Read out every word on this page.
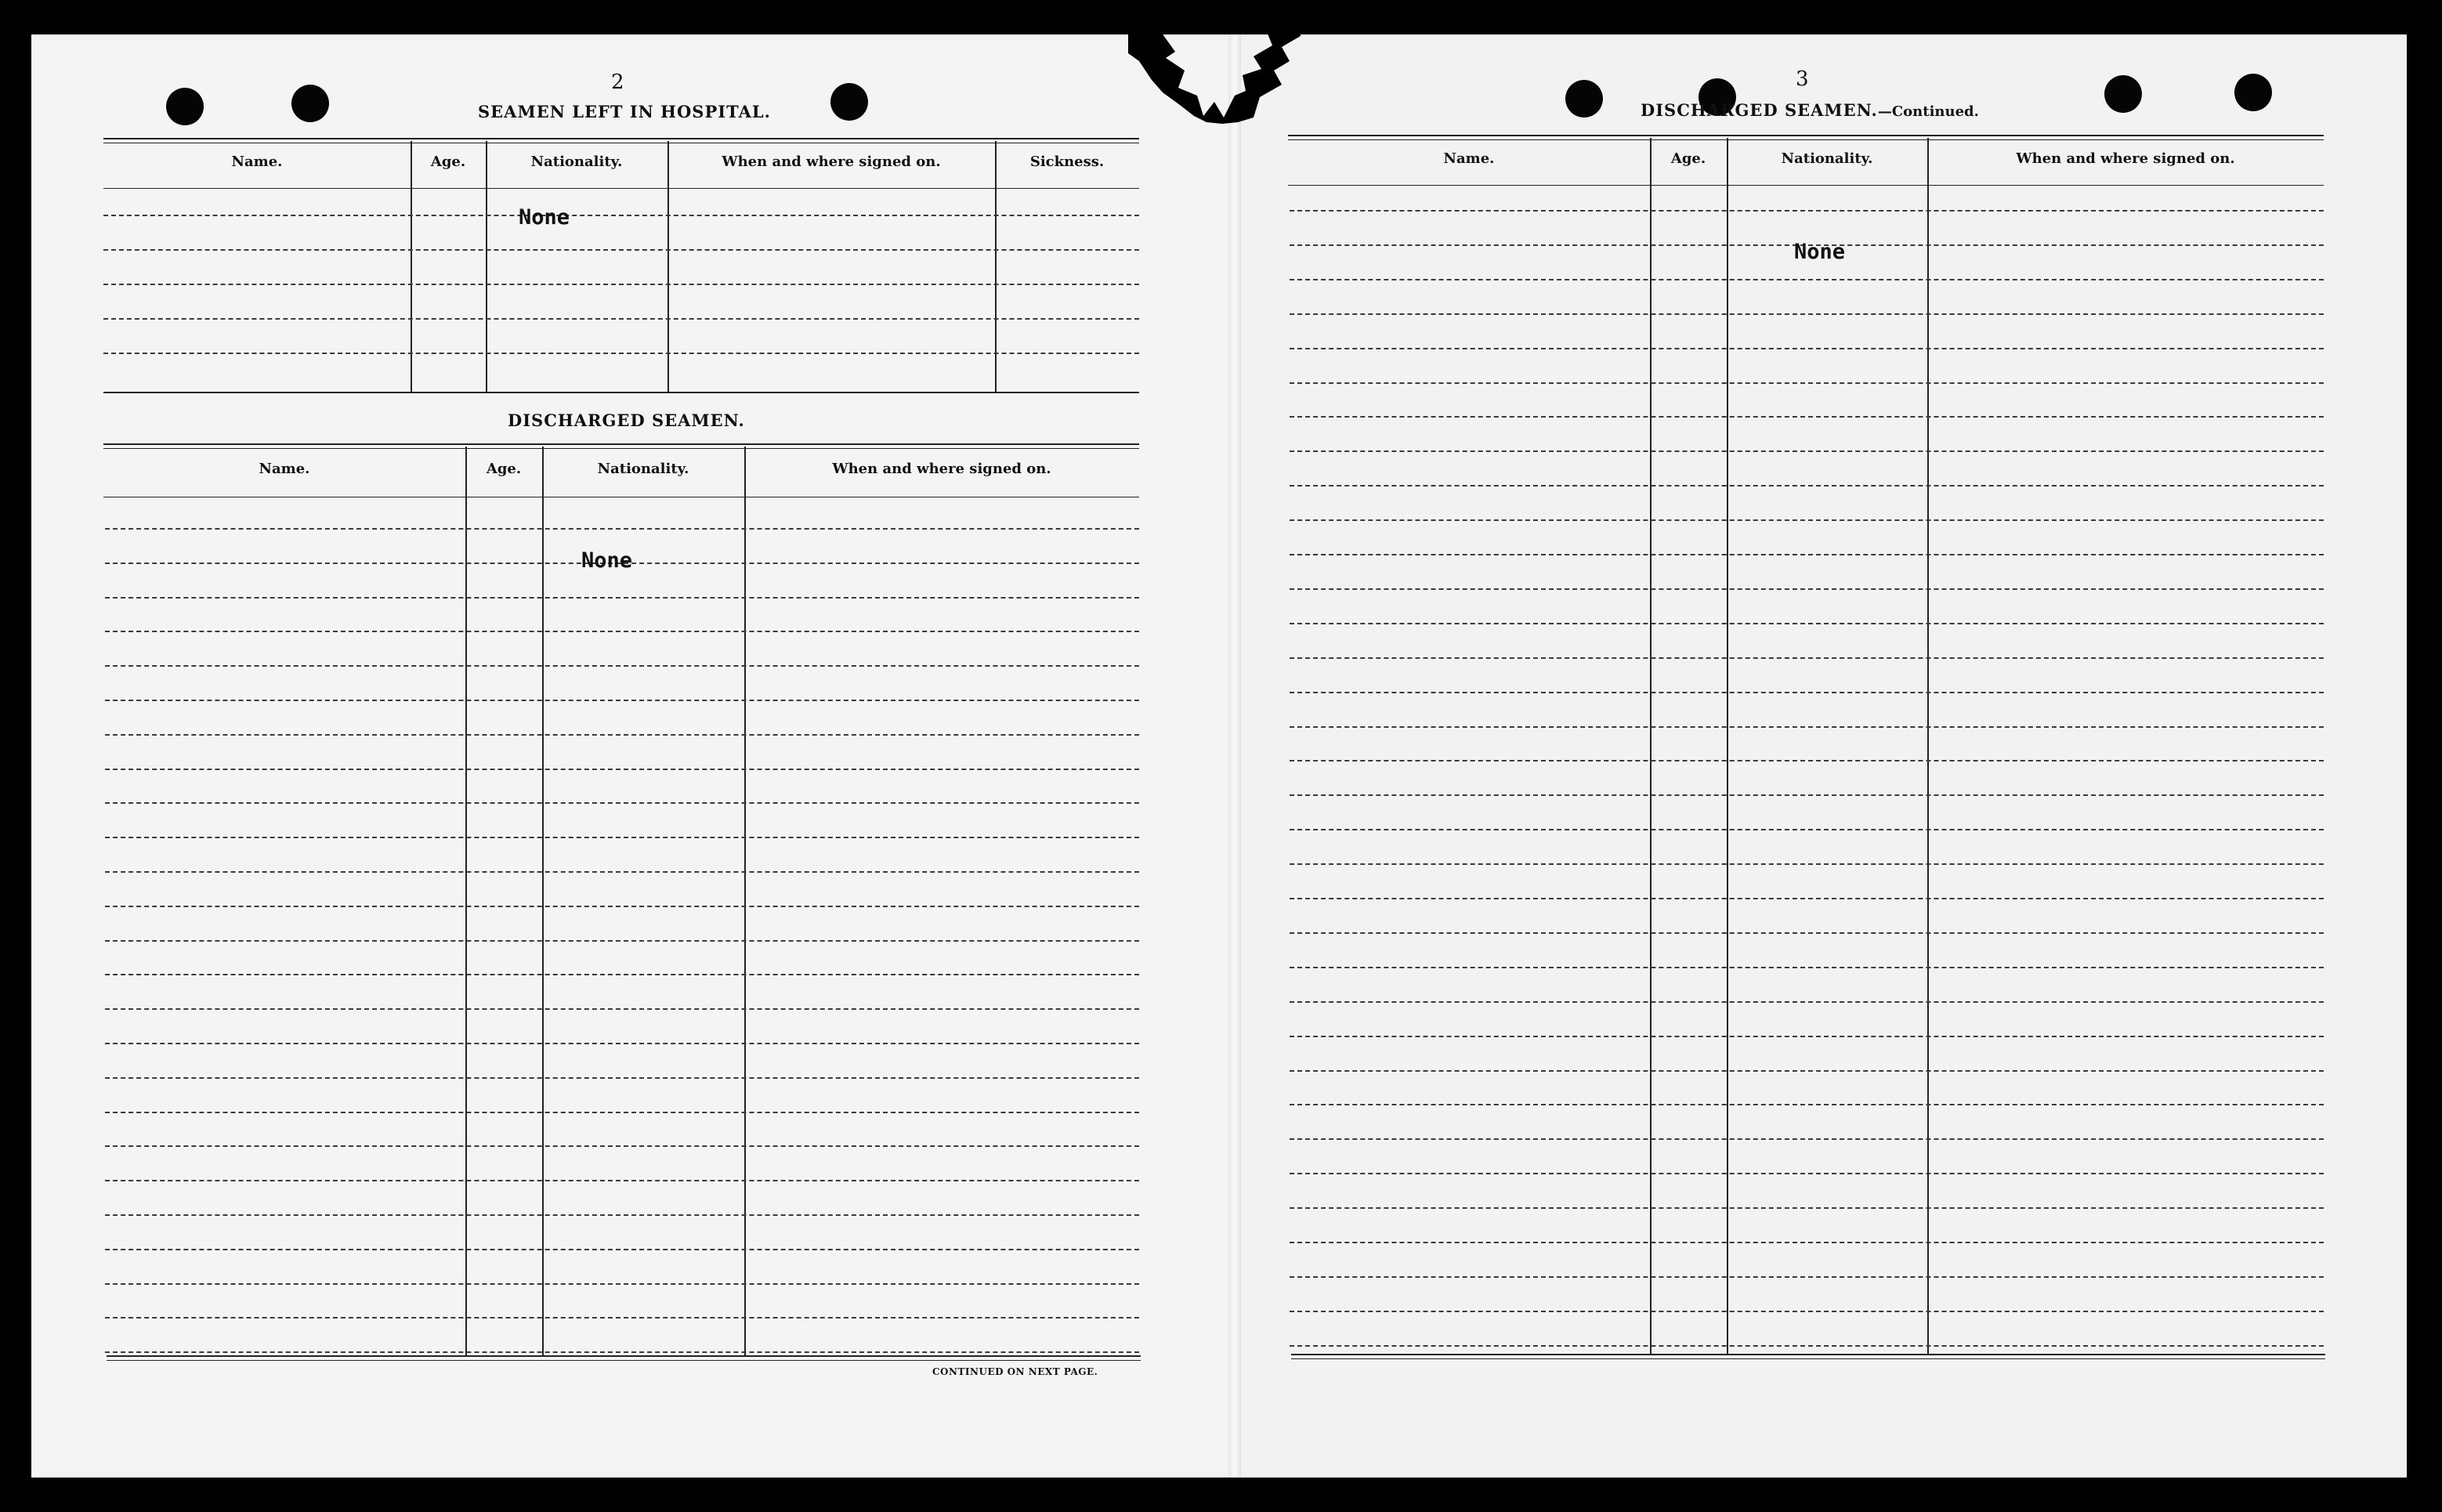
2
SEAMEN LEFT IN HOSPITAL.
Name.	Age.	Nationality.	When and where signed on.	Sickness.
None
DISCHARGED SEAMEN.
Name.	Age.	Nationality.	When and where signed on.
None
CONTINUED ON NEXT PAGE.
3
DISCHARGED SEAMEN.—Continued.
Name.	Age.	Nationality.	When and where signed on.
None
